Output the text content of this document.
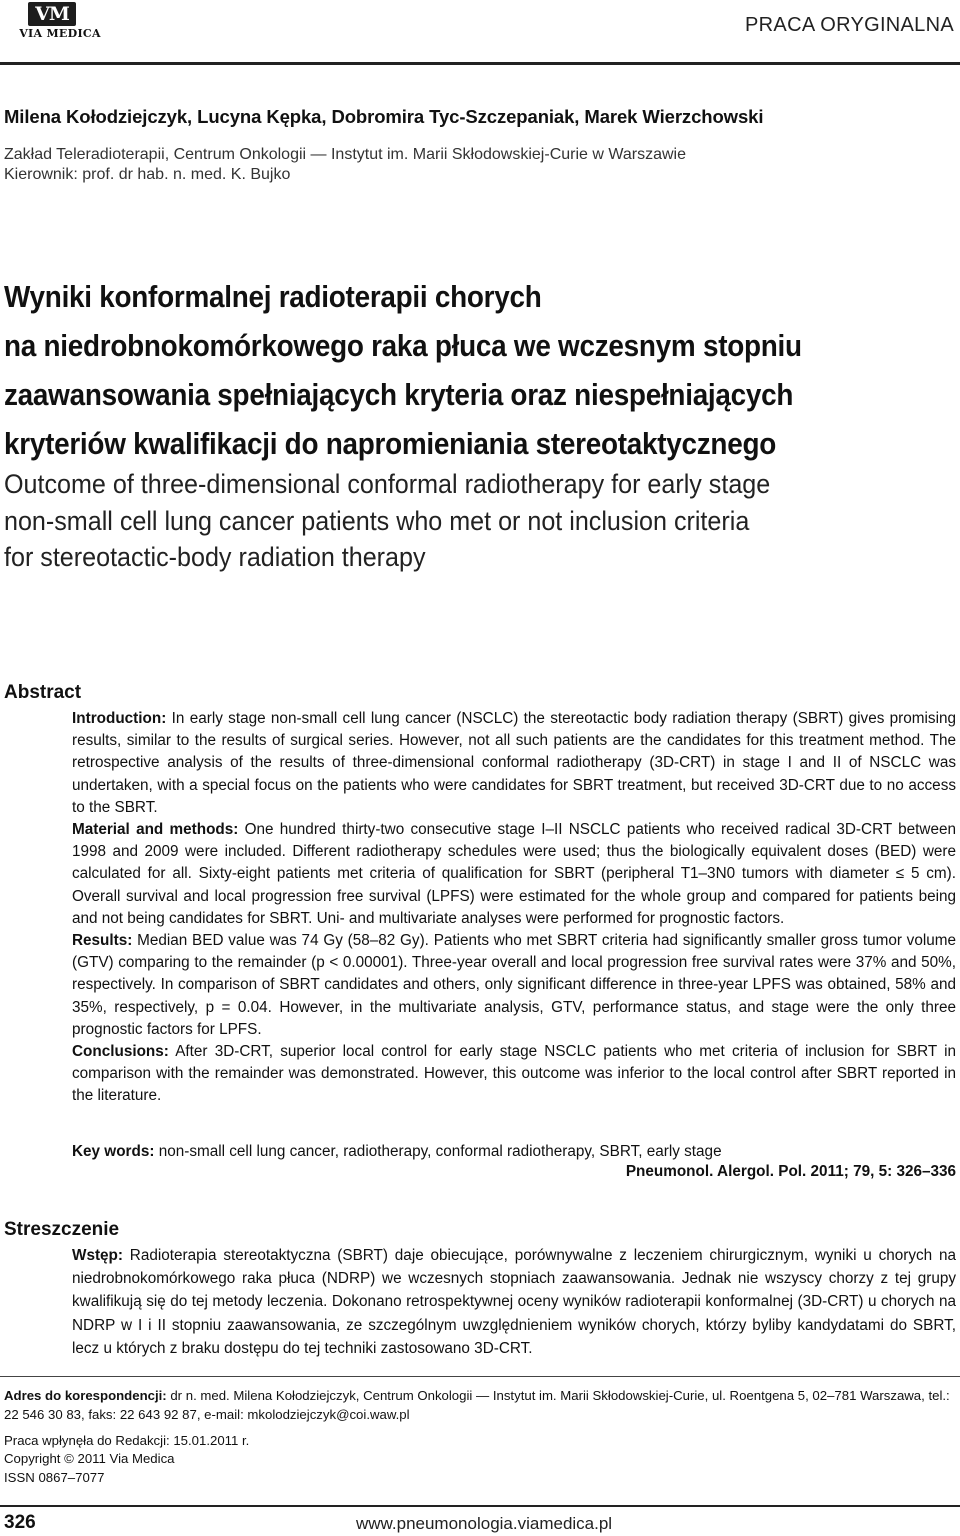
VM
VIA MEDICA	PRACA ORYGINALNA
Milena Kołodziejczyk, Lucyna Kępka, Dobromira Tyc-Szczepaniak, Marek Wierzchowski
Zakład Teleradioterapii, Centrum Onkologii — Instytut im. Marii Skłodowskiej-Curie w Warszawie
Kierownik: prof. dr hab. n. med. K. Bujko
Wyniki konformalnej radioterapii chorych
na niedrobnokomórkowego raka płuca we wczesnym stopniu
zaawansowania spełniających kryteria oraz niespełniających
kryteriów kwalifikacji do napromieniania stereotaktycznego
Outcome of three-dimensional conformal radiotherapy for early stage
non-small cell lung cancer patients who met or not inclusion criteria
for stereotactic-body radiation therapy
Abstract

Introduction: In early stage non-small cell lung cancer (NSCLC) the stereotactic body radiation therapy (SBRT) gives promising results, similar to the results of surgical series. However, not all such patients are the candidates for this treatment method. The retrospective analysis of the results of three-dimensional conformal radiotherapy (3D-CRT) in stage I and II of NSCLC was undertaken, with a special focus on the patients who were candidates for SBRT treatment, but received 3D-CRT due to no access to the SBRT.

Material and methods: One hundred thirty-two consecutive stage I–II NSCLC patients who received radical 3D-CRT between 1998 and 2009 were included. Different radiotherapy schedules were used; thus the biologically equivalent doses (BED) were calculated for all. Sixty-eight patients met criteria of qualification for SBRT (peripheral T1–3N0 tumors with diameter ≤ 5 cm). Overall survival and local progression free survival (LPFS) were estimated for the whole group and compared for patients being and not being candidates for SBRT. Uni- and multivariate analyses were performed for prognostic factors.

Results: Median BED value was 74 Gy (58–82 Gy). Patients who met SBRT criteria had significantly smaller gross tumor volume (GTV) comparing to the remainder (p < 0.00001). Three-year overall and local progression free survival rates were 37% and 50%, respectively. In comparison of SBRT candidates and others, only significant difference in three-year LPFS was obtained, 58% and 35%, respectively, p = 0.04. However, in the multivariate analysis, GTV, performance status, and stage were the only three prognostic factors for LPFS.

Conclusions: After 3D-CRT, superior local control for early stage NSCLC patients who met criteria of inclusion for SBRT in comparison with the remainder was demonstrated. However, this outcome was inferior to the local control after SBRT reported in the literature.

Key words: non-small cell lung cancer, radiotherapy, conformal radiotherapy, SBRT, early stage
Pneumonol. Alergol. Pol. 2011; 79, 5: 326–336
Streszczenie
Wstęp: Radioterapia stereotaktyczna (SBRT) daje obiecujące, porównywalne z leczeniem chirurgicznym, wyniki u chorych na niedrobnokomórkowego raka płuca (NDRP) we wczesnych stopniach zaawansowania. Jednak nie wszyscy chorzy z tej grupy kwalifikują się do tej metody leczenia. Dokonano retrospektywnej oceny wyników radioterapii konformalnej (3D-CRT) u chorych na NDRP w I i II stopniu zaawansowania, ze szczególnym uwzględnieniem wyników chorych, którzy byliby kandydatami do SBRT, lecz u których z braku dostępu do tej techniki zastosowano 3D-CRT.
Adres do korespondencji: dr n. med. Milena Kołodziejczyk, Centrum Onkologii — Instytut im. Marii Skłodowskiej-Curie, ul. Roentgena 5, 02–781 Warszawa, tel.: 22 546 30 83, faks: 22 643 92 87, e-mail: mkolodziejczyk@coi.waw.pl
Praca wpłynęła do Redakcji: 15.01.2011 r.
Copyright © 2011 Via Medica
ISSN 0867–7077
326	www.pneumonologia.viamedica.pl
